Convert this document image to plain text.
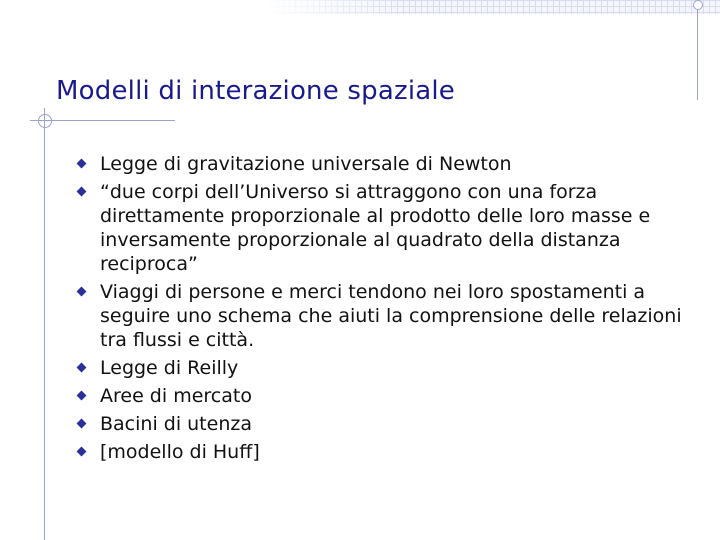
Modelli di interazione spaziale
Legge di gravitazione universale di Newton
“due corpi dell’Universo si attraggono con una forza direttamente proporzionale al prodotto delle loro masse e inversamente proporzionale al quadrato della distanza reciproca”
Viaggi di persone e merci tendono nei loro spostamenti a seguire uno schema che aiuti la comprensione delle relazioni tra flussi e città.
Legge di Reilly
Aree di mercato
Bacini di utenza
[modello di Huff]
